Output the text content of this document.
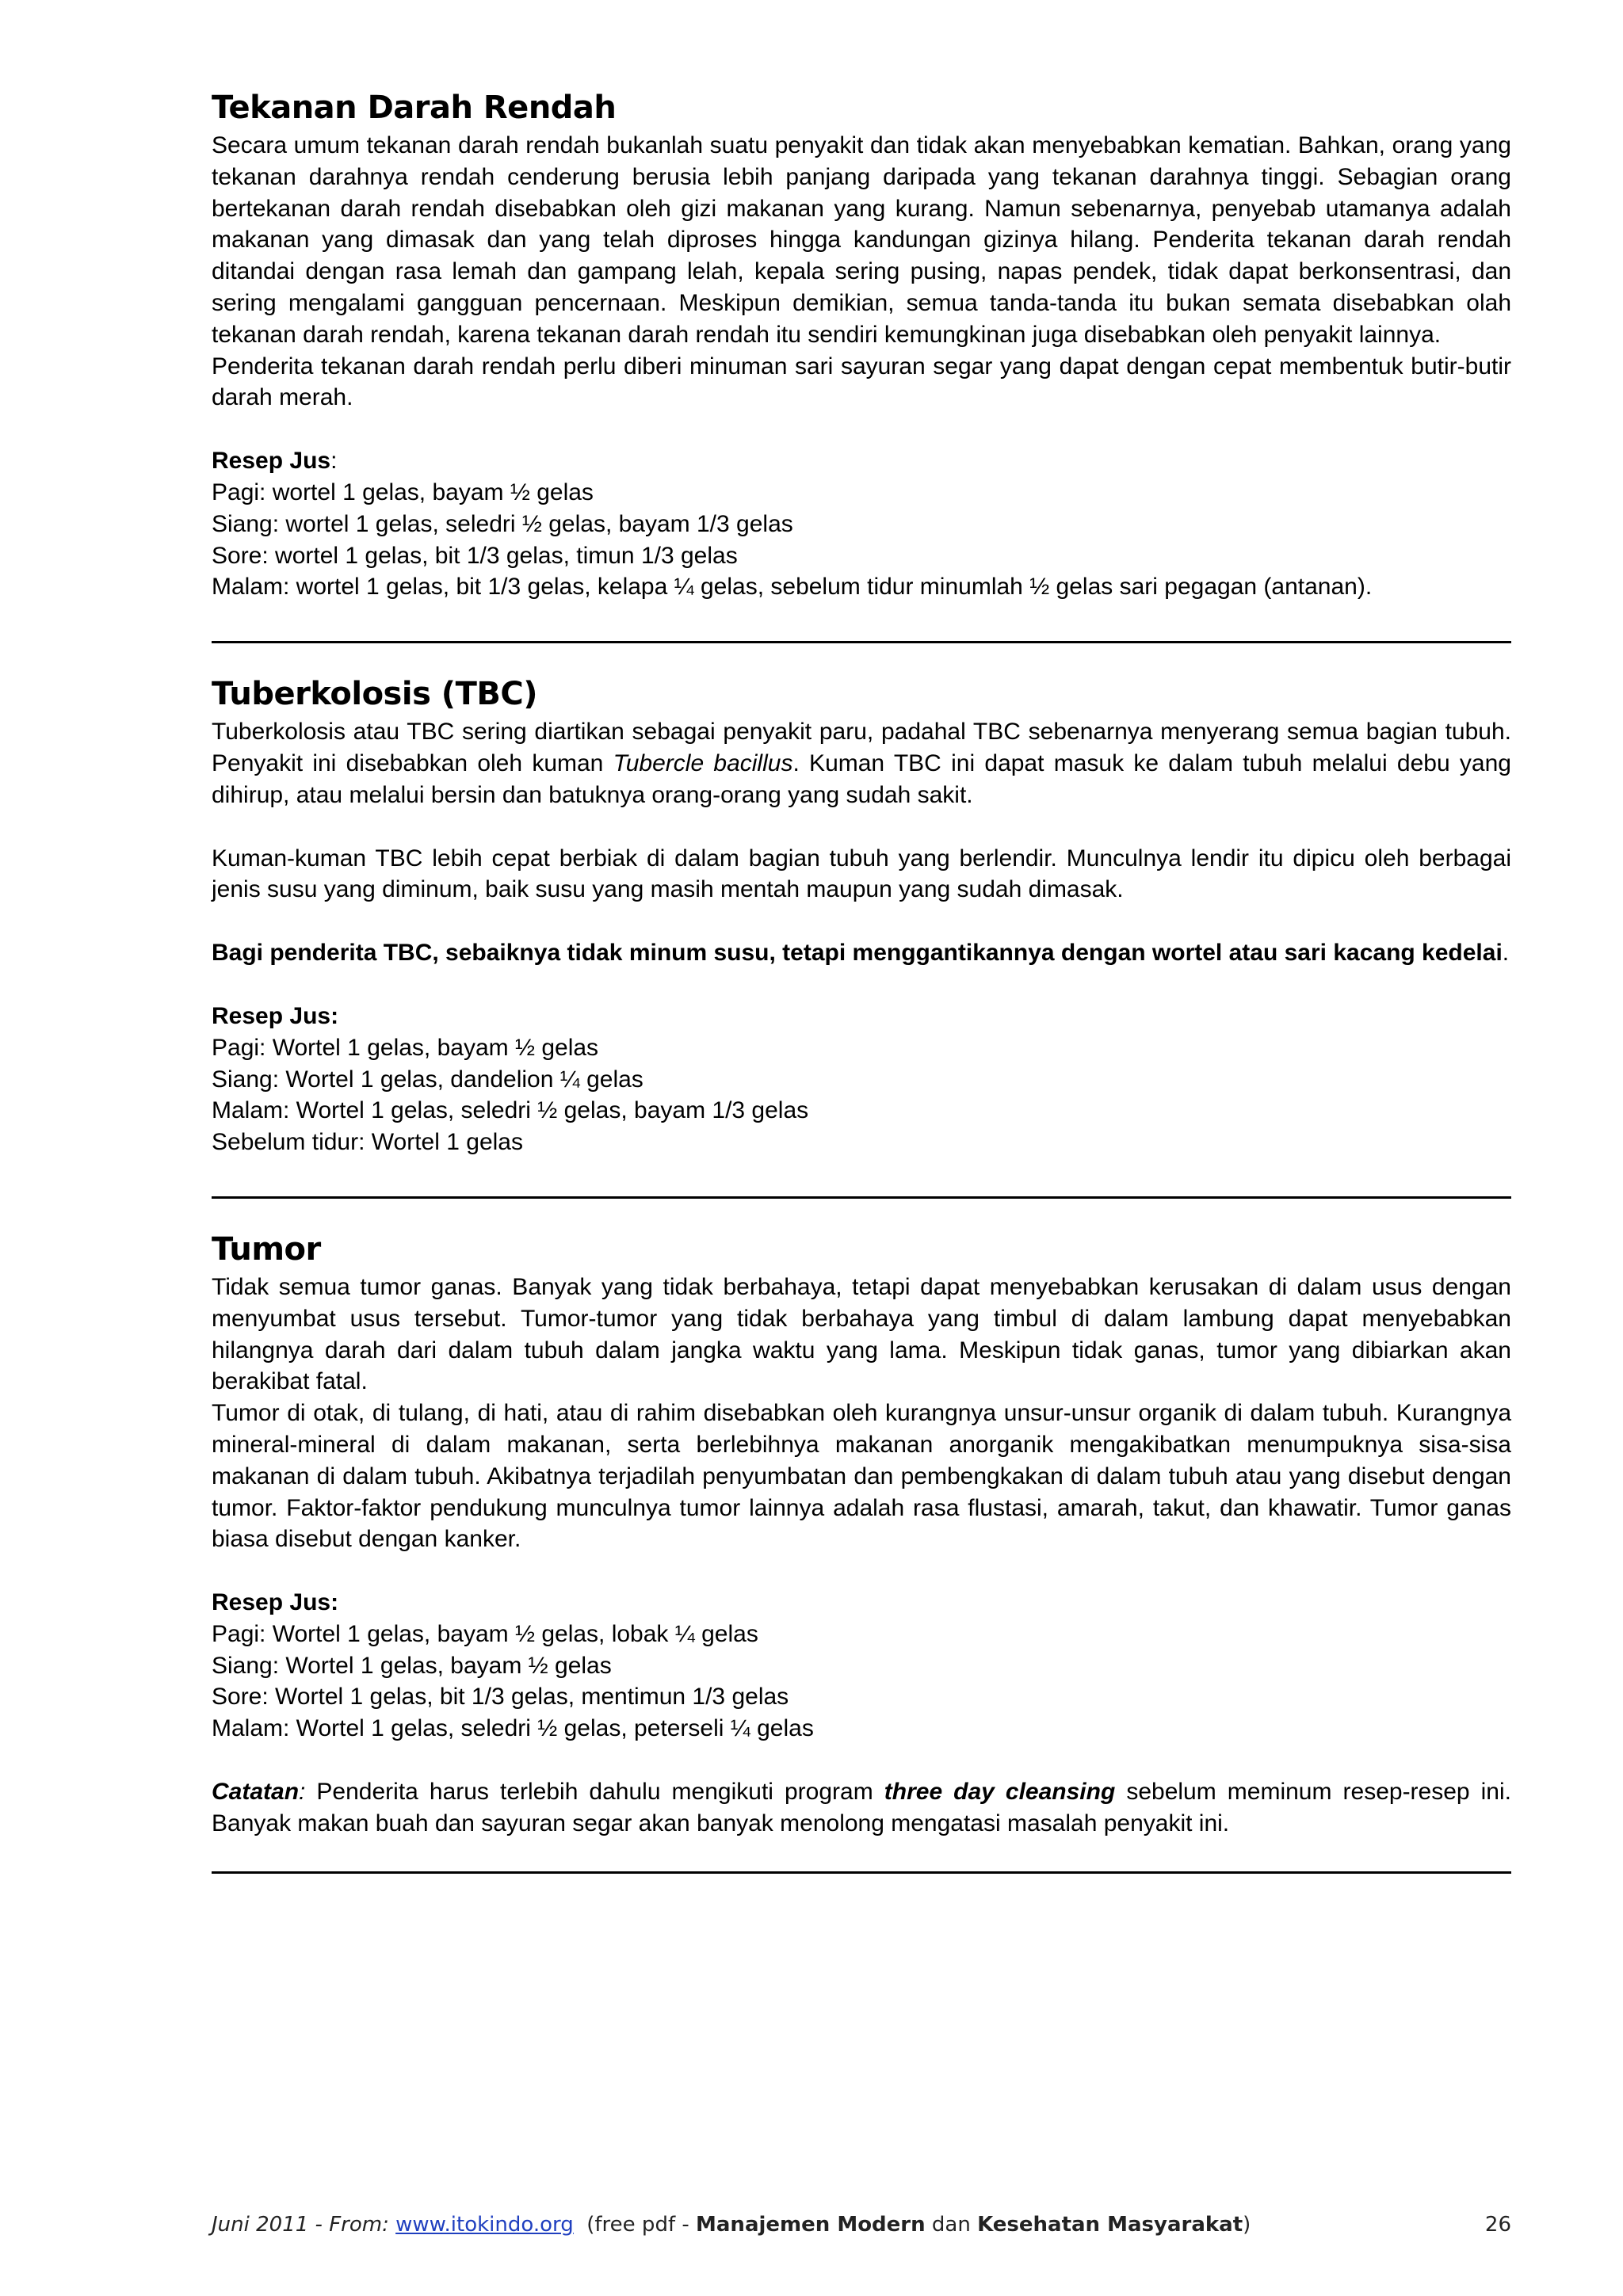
Tekanan Darah Rendah

Secara umum tekanan darah rendah bukanlah suatu penyakit dan tidak akan menyebabkan kematian. Bahkan, orang yang tekanan darahnya rendah cenderung berusia lebih panjang daripada yang tekanan darahnya tinggi. Sebagian orang bertekanan darah rendah disebabkan oleh gizi makanan yang kurang. Namun sebenarnya, penyebab utamanya adalah makanan yang dimasak dan yang telah diproses hingga kandungan gizinya hilang. Penderita tekanan darah rendah ditandai dengan rasa lemah dan gampang lelah, kepala sering pusing, napas pendek, tidak dapat berkonsentrasi, dan sering mengalami gangguan pencernaan. Meskipun demikian, semua tanda-tanda itu bukan semata disebabkan olah tekanan darah rendah, karena tekanan darah rendah itu sendiri kemungkinan juga disebabkan oleh penyakit lainnya.

Penderita tekanan darah rendah perlu diberi minuman sari sayuran segar yang dapat dengan cepat membentuk butir-butir darah merah.

Resep Jus:

Pagi: wortel 1 gelas, bayam ½ gelas

Siang: wortel 1 gelas, seledri ½ gelas, bayam 1/3 gelas

Sore: wortel 1 gelas, bit 1/3 gelas, timun 1/3 gelas

Malam: wortel 1 gelas, bit 1/3 gelas, kelapa ¼ gelas, sebelum tidur minumlah ½ gelas sari pegagan (antanan).

Tuberkolosis (TBC)

Tuberkolosis atau TBC sering diartikan sebagai penyakit paru, padahal TBC sebenarnya menyerang semua bagian tubuh. Penyakit ini disebabkan oleh kuman Tubercle bacillus. Kuman TBC ini dapat masuk ke dalam tubuh melalui debu yang dihirup, atau melalui bersin dan batuknya orang-orang yang sudah sakit.

Kuman-kuman TBC lebih cepat berbiak di dalam bagian tubuh yang berlendir. Munculnya lendir itu dipicu oleh berbagai jenis susu yang diminum, baik susu yang masih mentah maupun yang sudah dimasak.

Bagi penderita TBC, sebaiknya tidak minum susu, tetapi menggantikannya dengan wortel atau sari kacang kedelai.

Resep Jus:

Pagi: Wortel 1 gelas, bayam ½ gelas

Siang: Wortel 1 gelas, dandelion ¼ gelas

Malam: Wortel 1 gelas, seledri ½ gelas, bayam 1/3 gelas

Sebelum tidur: Wortel 1 gelas

Tumor

Tidak semua tumor ganas. Banyak yang tidak berbahaya, tetapi dapat menyebabkan kerusakan di dalam usus dengan menyumbat usus tersebut. Tumor-tumor yang tidak berbahaya yang timbul di dalam lambung dapat menyebabkan hilangnya darah dari dalam tubuh dalam jangka waktu yang lama. Meskipun tidak ganas, tumor yang dibiarkan akan berakibat fatal.

Tumor di otak, di tulang, di hati, atau di rahim disebabkan oleh kurangnya unsur-unsur organik di dalam tubuh. Kurangnya mineral-mineral di dalam makanan, serta berlebihnya makanan anorganik mengakibatkan menumpuknya sisa-sisa makanan di dalam tubuh. Akibatnya terjadilah penyumbatan dan pembengkakan di dalam tubuh atau yang disebut dengan tumor. Faktor-faktor pendukung munculnya tumor lainnya adalah rasa flustasi, amarah, takut, dan khawatir. Tumor ganas biasa disebut dengan kanker.

Resep Jus:

Pagi: Wortel 1 gelas, bayam ½ gelas, lobak ¼ gelas

Siang: Wortel 1 gelas, bayam ½ gelas

Sore: Wortel 1 gelas, bit 1/3 gelas, mentimun 1/3 gelas

Malam: Wortel 1 gelas, seledri ½ gelas, peterseli ¼ gelas

Catatan: Penderita harus terlebih dahulu mengikuti program three day cleansing sebelum meminum resep-resep ini. Banyak makan buah dan sayuran segar akan banyak menolong mengatasi masalah penyakit ini.

Juni 2011 - From: www.itokindo.org  (free pdf - Manajemen Modern dan Kesehatan Masyarakat)	26
